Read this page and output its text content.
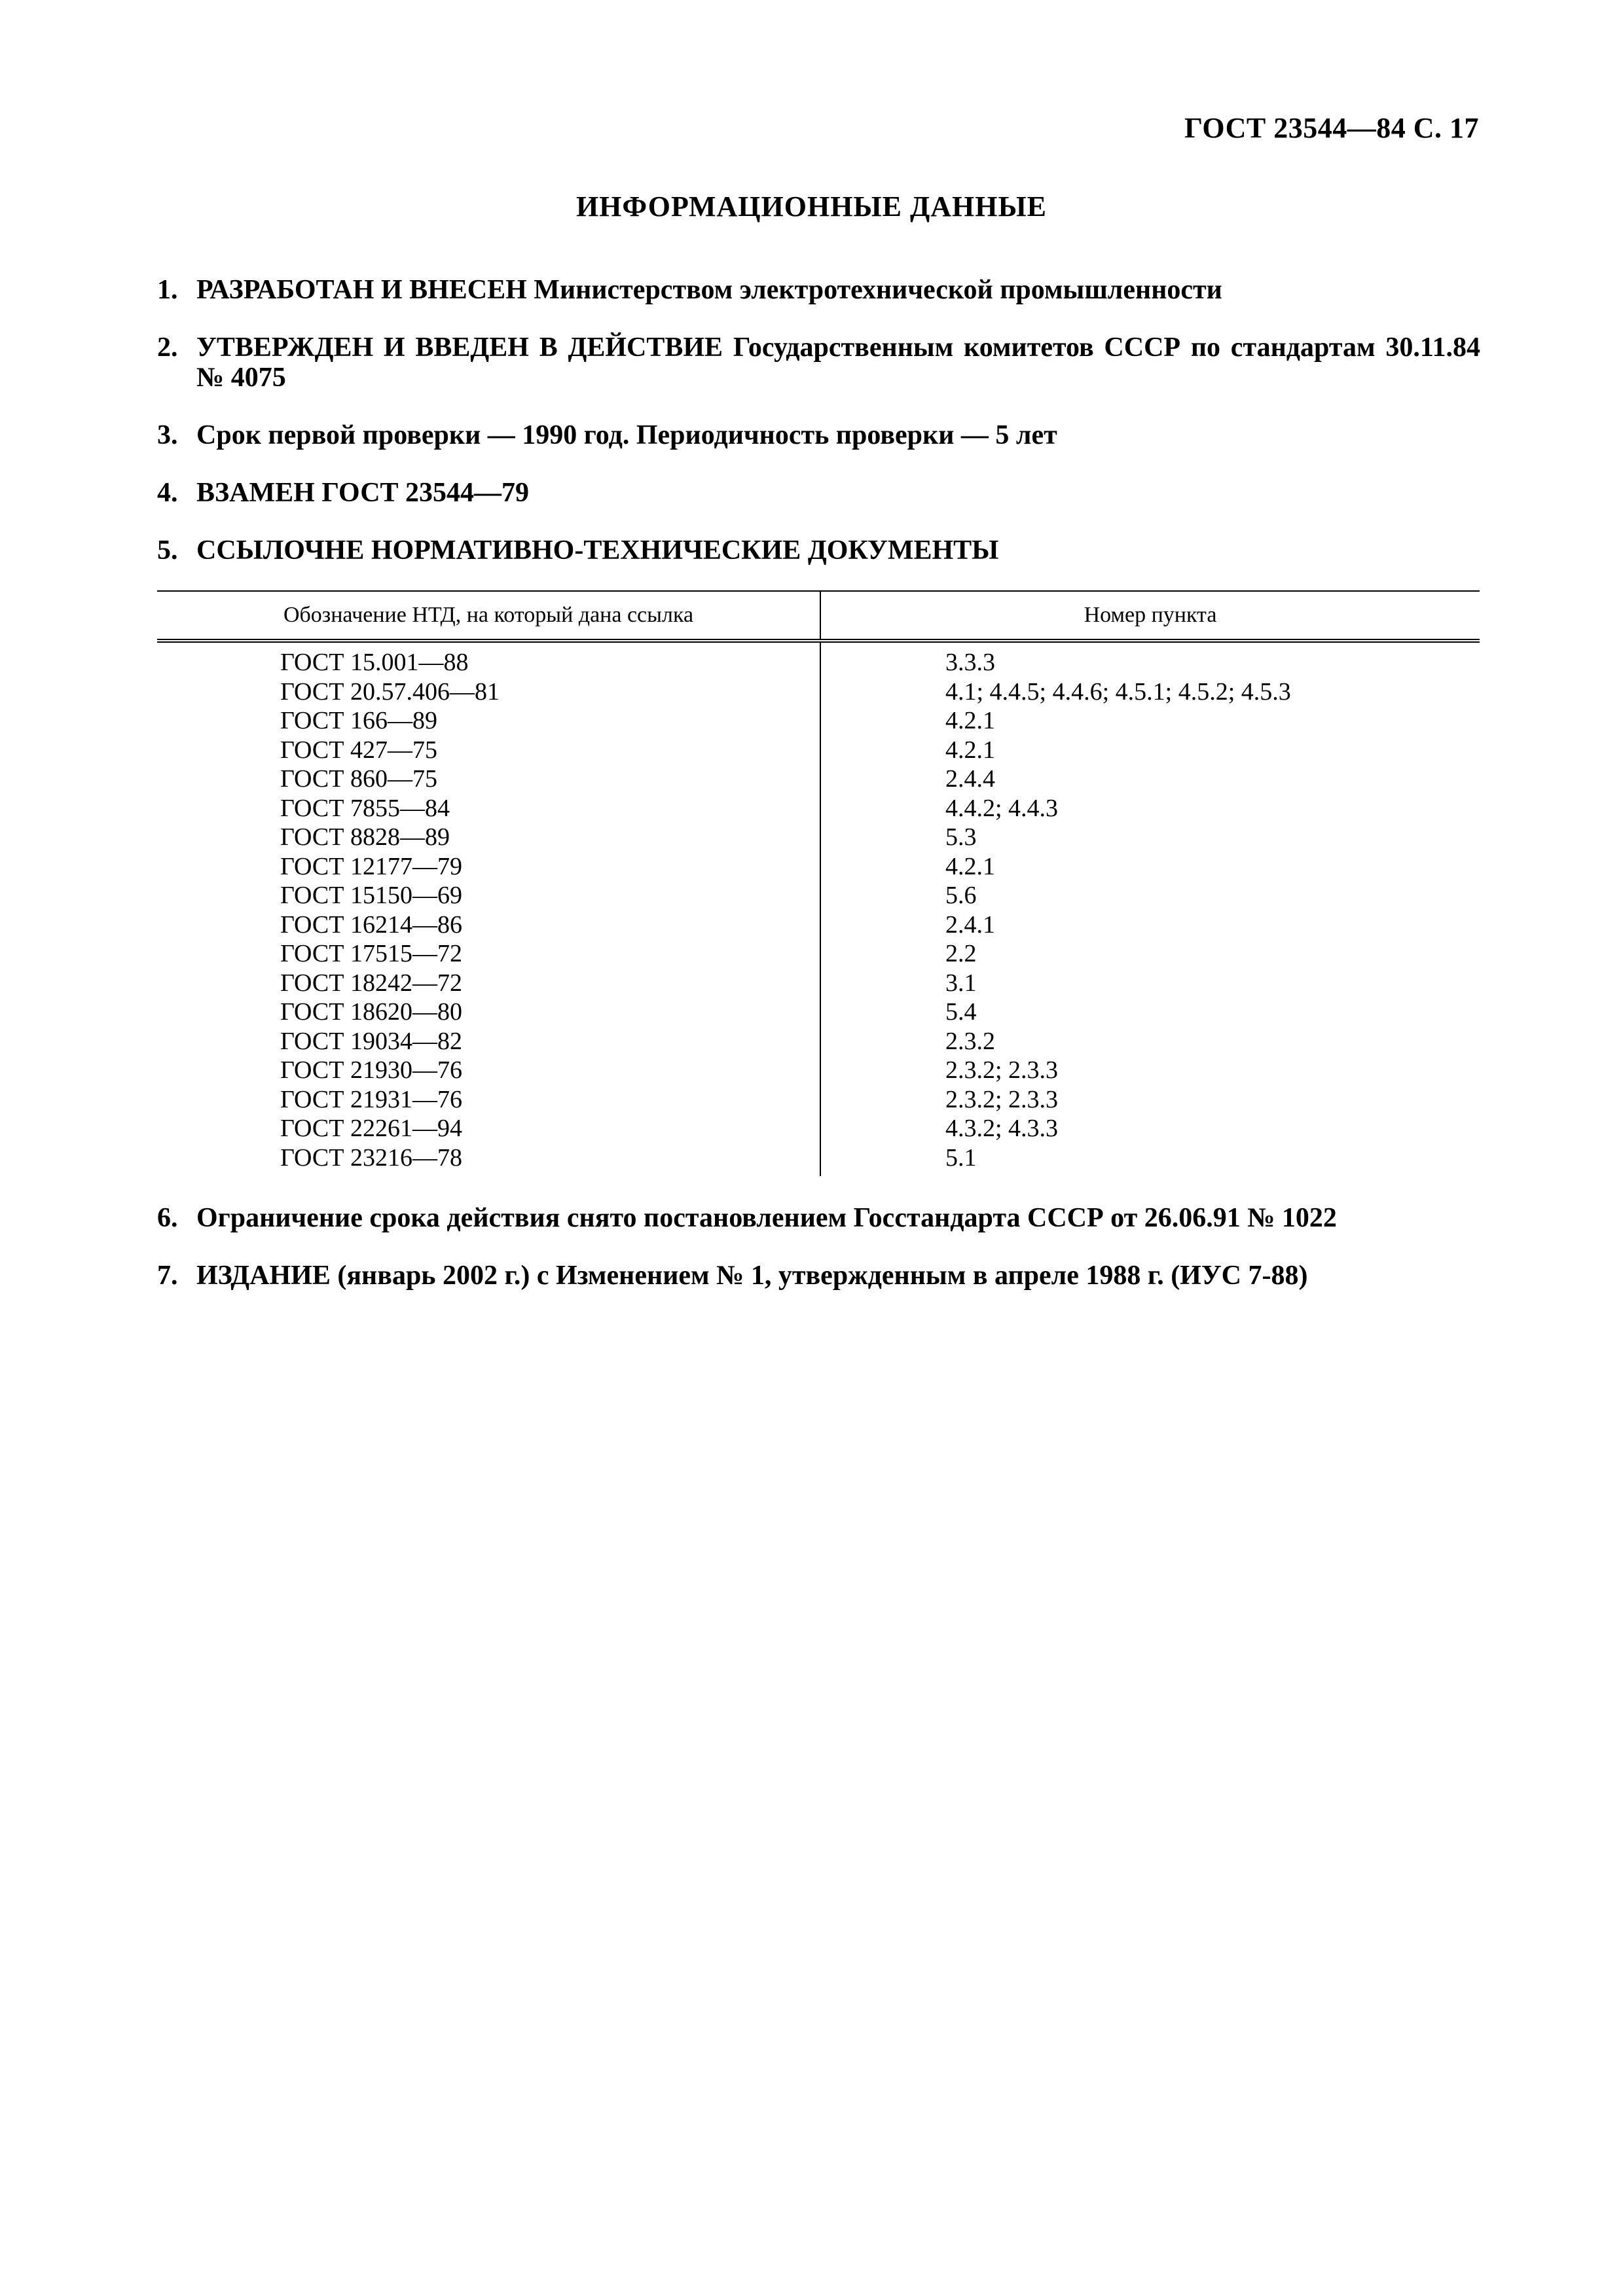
ГОСТ 23544—84 С. 17
ИНФОРМАЦИОННЫЕ ДАННЫЕ
1. РАЗРАБОТАН И ВНЕСЕН Министерством электротехнической промышленности
2. УТВЕРЖДЕН И ВВЕДЕН В ДЕЙСТВИЕ Государственным комитетов СССР по стандартам 30.11.84 № 4075
3. Срок первой проверки — 1990 год. Периодичность проверки — 5 лет
4. ВЗАМЕН ГОСТ 23544—79
5. ССЫЛОЧНЕ НОРМАТИВНО-ТЕХНИЧЕСКИЕ ДОКУМЕНТЫ
Обозначение НТД, на который дана ссылка	Номер пункта
ГОСТ 15.001—88
ГОСТ 20.57.406—81
ГОСТ 166—89
ГОСТ 427—75
ГОСТ 860—75
ГОСТ 7855—84
ГОСТ 8828—89
ГОСТ 12177—79
ГОСТ 15150—69
ГОСТ 16214—86
ГОСТ 17515—72
ГОСТ 18242—72
ГОСТ 18620—80
ГОСТ 19034—82
ГОСТ 21930—76
ГОСТ 21931—76
ГОСТ 22261—94
ГОСТ 23216—78
3.3.3
4.1; 4.4.5; 4.4.6; 4.5.1; 4.5.2; 4.5.3
4.2.1
4.2.1
2.4.4
4.4.2; 4.4.3
5.3
4.2.1
5.6
2.4.1
2.2
3.1
5.4
2.3.2
2.3.2; 2.3.3
2.3.2; 2.3.3
4.3.2; 4.3.3
5.1
6. Ограничение срока действия снято постановлением Госстандарта СССР от 26.06.91 № 1022
7. ИЗДАНИЕ (январь 2002 г.) с Изменением № 1, утвержденным в апреле 1988 г. (ИУС 7-88)
